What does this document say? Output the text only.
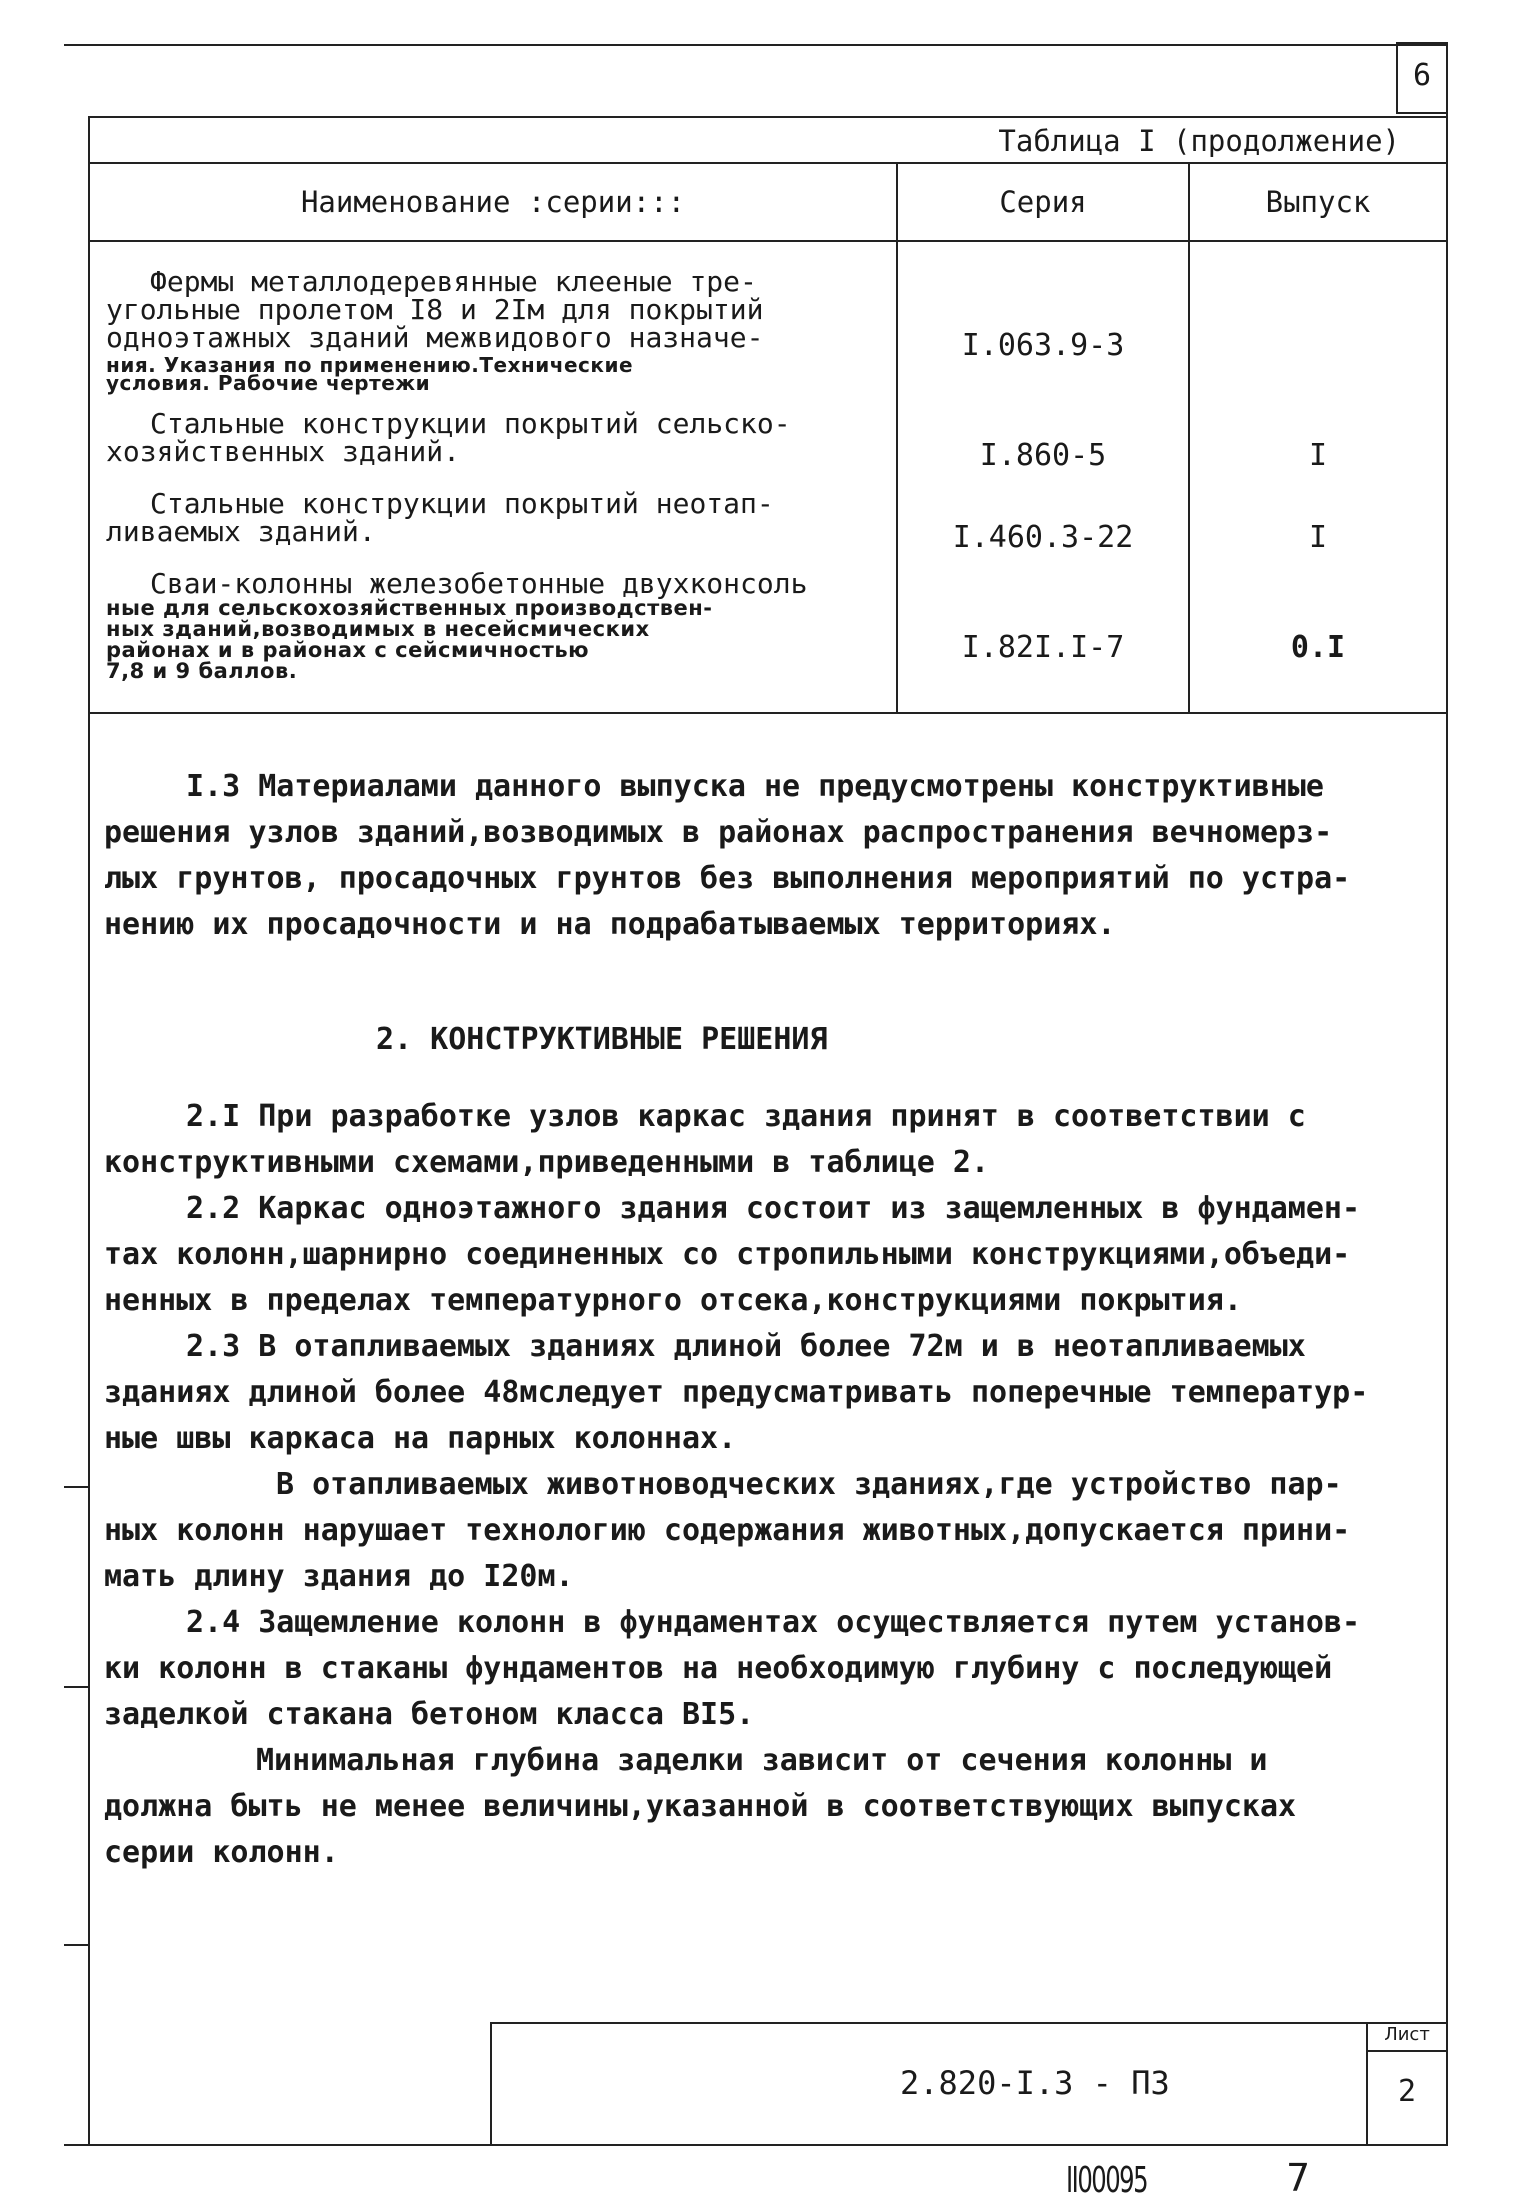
6
Таблица I (продолжение)
Наименование :серии:::	Серия	Выпуск
Фермы металлодеревянные клееные тре-
угольные пролетом I8 и 2Iм для покрытий
одноэтажных зданий межвидового назначе-
ния. Указания по применению.Технические
условия. Рабочие чертежи
I.063.9-3
Стальные конструкции покрытий сельско-
хозяйственных зданий.	I.860-5	I
Стальные конструкции покрытий неотап-
ливаемых зданий.	I.460.3-22	I
Сваи-колонны железобетонные двухконсоль
ные для сельскохозяйственных производствен-
ных зданий,возводимых в несейсмических
районах и в районах с сейсмичностью
7,8 и 9 баллов.
I.82I.I-7	0.I

I.3 Материалами данного выпуска не предусмотрены конструктивные

решения узлов зданий,возводимых в районах распространения вечномерз-

лых грунтов, просадочных грунтов без выполнения мероприятий по устра-

нению их просадочности и на подрабатываемых территориях.

2. КОНСТРУКТИВНЫЕ РЕШЕНИЯ

2.I При разработке узлов каркас здания принят в соответствии с

конструктивными схемами,приведенными в таблице 2.

2.2 Каркас одноэтажного здания состоит из защемленных в фундамен-

тах колонн,шарнирно соединенных со стропильными конструкциями,объеди-

ненных в пределах температурного отсека,конструкциями покрытия.

2.3 В отапливаемых зданиях длиной более 72м и в неотапливаемых

зданиях длиной более 48мследует предусматривать поперечные температур-

ные швы каркаса на парных колоннах.

В отапливаемых животноводческих зданиях,где устройство пар-

ных колонн нарушает технологию содержания животных,допускается прини-

мать длину здания до I20м.

2.4 Защемление колонн в фундаментах осуществляется путем установ-

ки колонн в стаканы фундаментов на необходимую глубину с последующей

заделкой стакана бетоном класса BI5.

Минимальная глубина заделки зависит от сечения колонны и

должна быть не менее величины,указанной в соответствующих выпусках

серии колонн.

2.820-I.3 - ПЗ
Лист
2
II00095	7
